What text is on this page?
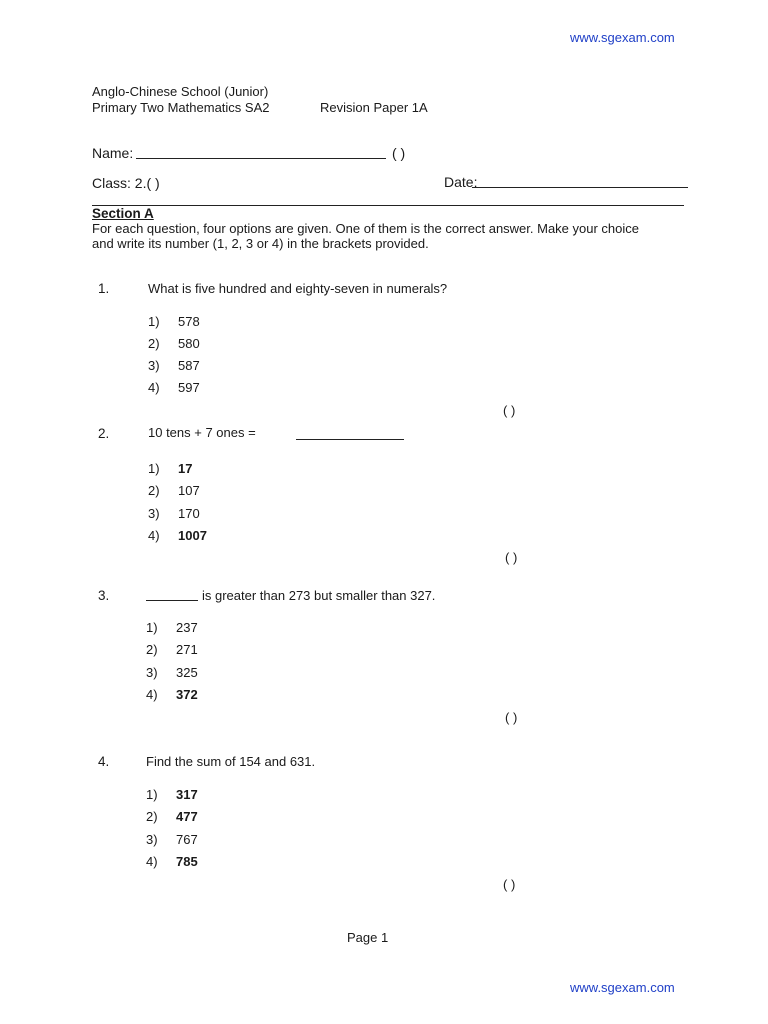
www.sgexam.com
Anglo-Chinese School (Junior)
Primary Two Mathematics SA2	Revision Paper 1A
Name:	( )
Class: 2.( )	Date:
Section A
For each question, four options are given. One of them is the correct answer. Make your choice
and write its number (1, 2, 3 or 4) in the brackets provided.
1.	What is five hundred and eighty-seven in numerals?
1) 578
2) 580
3) 587
4) 597
( )
2.	10 tens + 7 ones =
1) 17
2) 107
3) 170
4) 1007
( )
3.	is greater than 273 but smaller than 327.
1) 237
2) 271
3) 325
4) 372
( )
4.	Find the sum of 154 and 631.
1) 317
2) 477
3) 767
4) 785
( )
Page 1
www.sgexam.com
